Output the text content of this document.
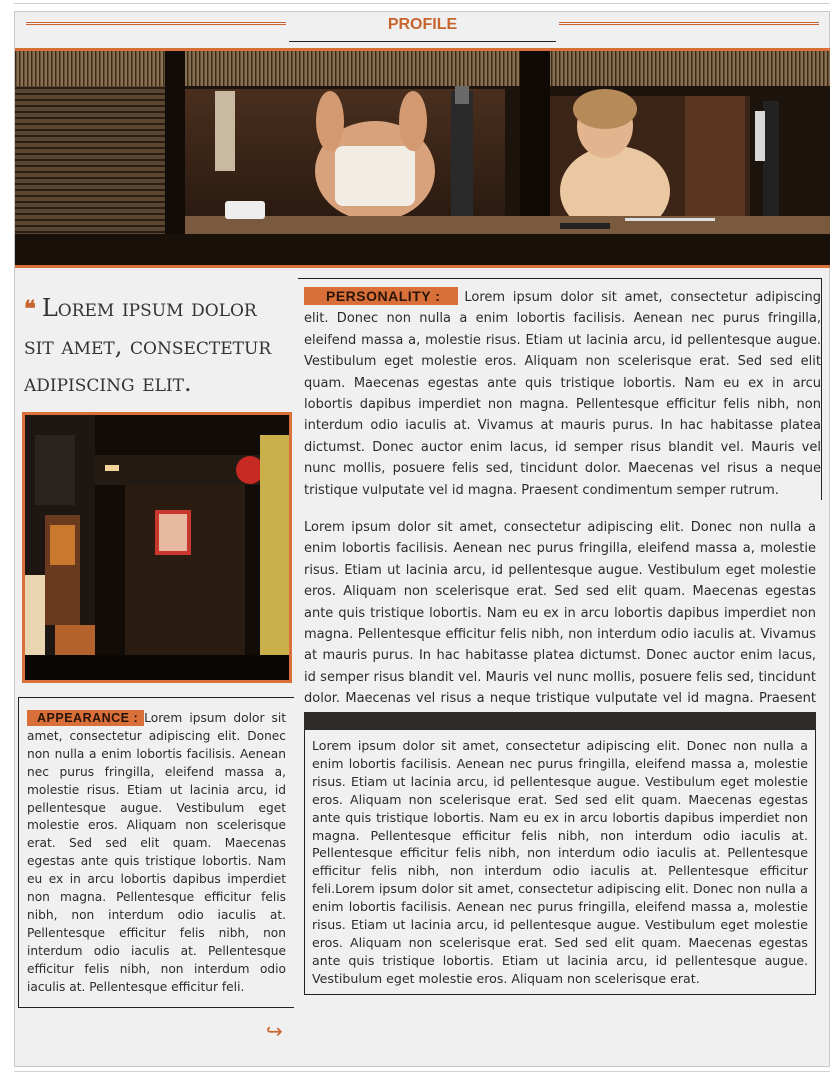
PROFILE
❝ Lorem ipsum dolor sit amet, consectetur adipiscing elit.
APPEARANCE : Lorem ipsum dolor sit amet, consectetur adipiscing elit. Donec non nulla a enim lobortis facilisis. Aenean nec purus fringilla, eleifend massa a, molestie risus. Etiam ut lacinia arcu, id pellentesque augue. Vestibulum eget molestie eros. Aliquam non scelerisque erat. Sed sed elit quam. Maecenas egestas ante quis tristique lobortis. Nam eu ex in arcu lobortis dapibus imperdiet non magna. Pellentesque efficitur felis nibh, non interdum odio iaculis at. Pellentesque efficitur felis nibh, non interdum odio iaculis at. Pellentesque efficitur felis nibh, non interdum odio iaculis at. Pellentesque efficitur feli.
↪
PERSONALITY : Lorem ipsum dolor sit amet, consectetur adipiscing elit. Donec non nulla a enim lobortis facilisis. Aenean nec purus fringilla, eleifend massa a, molestie risus. Etiam ut lacinia arcu, id pellentesque augue. Vestibulum eget molestie eros. Aliquam non scelerisque erat. Sed sed elit quam. Maecenas egestas ante quis tristique lobortis. Nam eu ex in arcu lobortis dapibus imperdiet non magna. Pellentesque efficitur felis nibh, non interdum odio iaculis at. Vivamus at mauris purus. In hac habitasse platea dictumst. Donec auctor enim lacus, id semper risus blandit vel. Mauris vel nunc mollis, posuere felis sed, tincidunt dolor. Maecenas vel risus a neque tristique vulputate vel id magna. Praesent condimentum semper rutrum.
Lorem ipsum dolor sit amet, consectetur adipiscing elit. Donec non nulla a enim lobortis facilisis. Aenean nec purus fringilla, eleifend massa a, molestie risus. Etiam ut lacinia arcu, id pellentesque augue. Vestibulum eget molestie eros. Aliquam non scelerisque erat. Sed sed elit quam. Maecenas egestas ante quis tristique lobortis. Nam eu ex in arcu lobortis dapibus imperdiet non magna. Pellentesque efficitur felis nibh, non interdum odio iaculis at. Vivamus at mauris purus. In hac habitasse platea dictumst. Donec auctor enim lacus, id semper risus blandit vel. Mauris vel nunc mollis, posuere felis sed, tincidunt dolor. Maecenas vel risus a neque tristique vulputate vel id magna. Praesent
Lorem ipsum dolor sit amet, consectetur adipiscing elit. Donec non nulla a enim lobortis facilisis. Aenean nec purus fringilla, eleifend massa a, molestie risus. Etiam ut lacinia arcu, id pellentesque augue. Vestibulum eget molestie eros. Aliquam non scelerisque erat. Sed sed elit quam. Maecenas egestas ante quis tristique lobortis. Nam eu ex in arcu lobortis dapibus imperdiet non magna. Pellentesque efficitur felis nibh, non interdum odio iaculis at. Pellentesque efficitur felis nibh, non interdum odio iaculis at. Pellentesque efficitur felis nibh, non interdum odio iaculis at. Pellentesque efficitur feli.Lorem ipsum dolor sit amet, consectetur adipiscing elit. Donec non nulla a enim lobortis facilisis. Aenean nec purus fringilla, eleifend massa a, molestie risus. Etiam ut lacinia arcu, id pellentesque augue. Vestibulum eget molestie eros. Aliquam non scelerisque erat. Sed sed elit quam. Maecenas egestas ante quis tristique lobortis. Etiam ut lacinia arcu, id pellentesque augue. Vestibulum eget molestie eros. Aliquam non scelerisque erat.
